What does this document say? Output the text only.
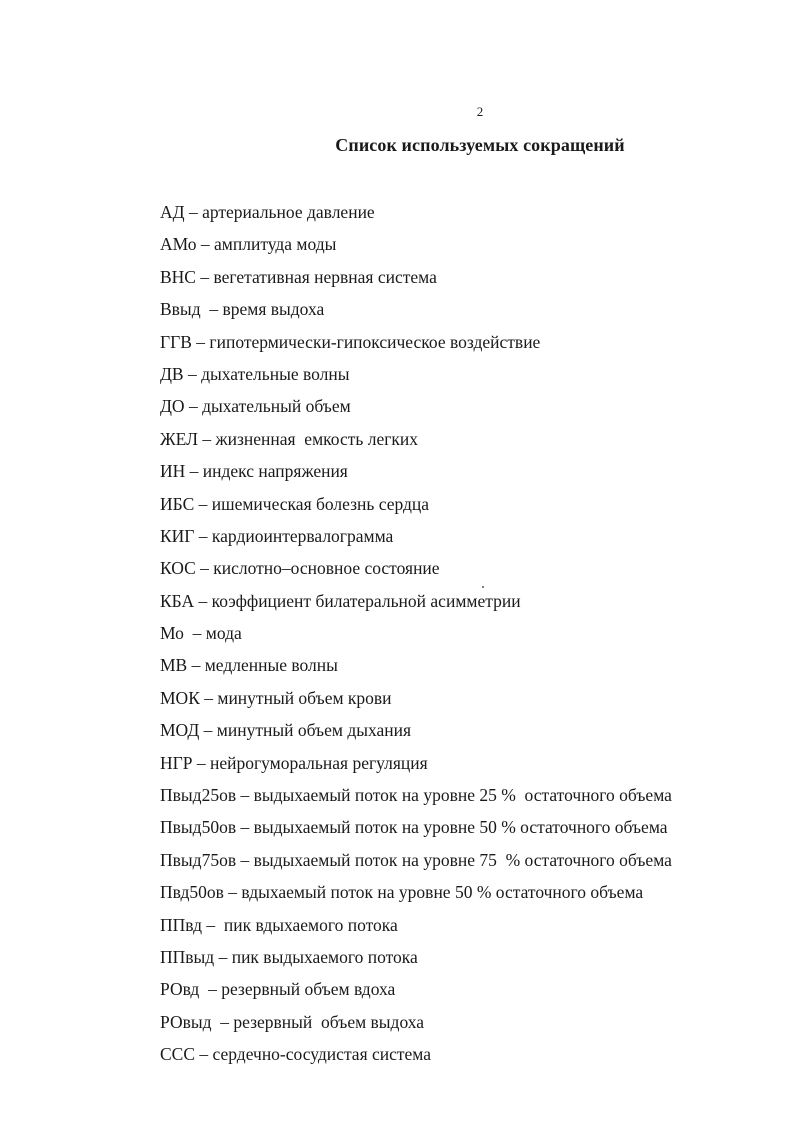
2
Список используемых сокращений
АД – артериальное давление
АМо – амплитуда моды
ВНС – вегетативная нервная система
Ввыд  – время выдоха
ГГВ – гипотермически-гипоксическое воздействие
ДВ – дыхательные волны
ДО – дыхательный объем
ЖЕЛ – жизненная  емкость легких
ИН – индекс напряжения
ИБС – ишемическая болезнь сердца
КИГ – кардиоинтервалограмма
КОС – кислотно–основное состояние
КБА – коэффициент билатеральной асимметрии
Мо  – мода
МВ – медленные волны
МОК – минутный объем крови
МОД – минутный объем дыхания
НГР – нейрогуморальная регуляция
Пвыд25ов – выдыхаемый поток на уровне 25 %  остаточного объема
Пвыд50ов – выдыхаемый поток на уровне 50 % остаточного объема
Пвыд75ов – выдыхаемый поток на уровне 75  % остаточного объема
Пвд50ов – вдыхаемый поток на уровне 50 % остаточного объема
ППвд –  пик вдыхаемого потока
ППвыд – пик выдыхаемого потока
РОвд  – резервный объем вдоха
РОвыд  – резервный  объем выдоха
ССС – сердечно-сосудистая система
